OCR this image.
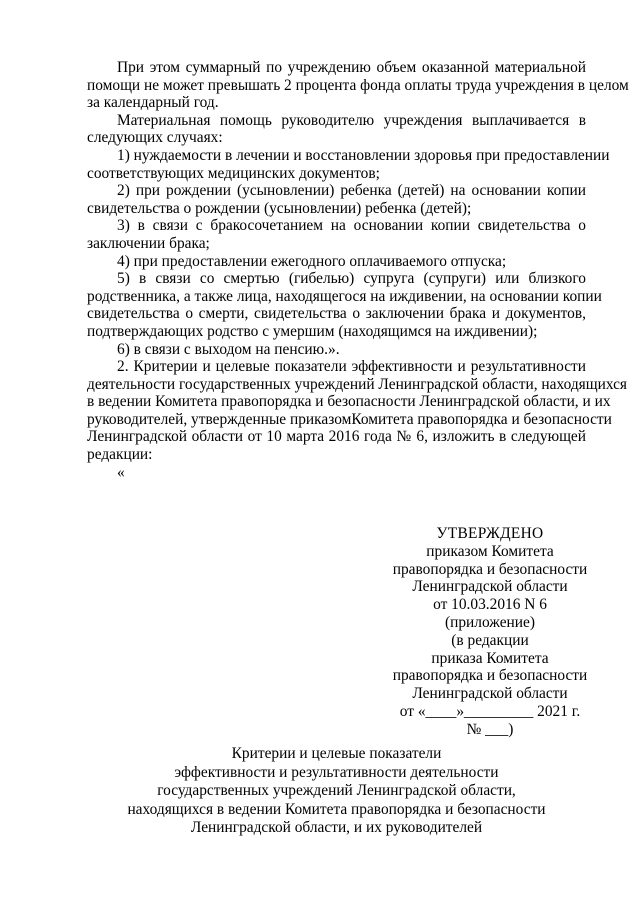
При этом суммарный по учреждению объем оказанной материальной
помощи не может превышать 2 процента фонда оплаты труда учреждения в целом
за календарный год.
Материальная помощь руководителю учреждения выплачивается в
следующих случаях:
1) нуждаемости в лечении и восстановлении здоровья при предоставлении
соответствующих медицинских документов;
2) при рождении (усыновлении) ребенка (детей) на основании копии
свидетельства о рождении (усыновлении) ребенка (детей);
3) в связи с бракосочетанием на основании копии свидетельства о
заключении брака;
4) при предоставлении ежегодного оплачиваемого отпуска;
5) в связи со смертью (гибелью) супруга (супруги) или близкого
родственника, а также лица, находящегося на иждивении, на основании копии
свидетельства о смерти, свидетельства о заключении брака и документов,
подтверждающих родство с умершим (находящимся на иждивении);
6) в связи с выходом на пенсию.».
2. Критерии и целевые показатели эффективности и результативности
деятельности государственных учреждений Ленинградской области, находящихся
в ведении Комитета правопорядка и безопасности Ленинградской области, и их
руководителей, утвержденные приказомКомитета правопорядка и безопасности
Ленинградской области от 10 марта 2016 года № 6, изложить в следующей
редакции:
«
УТВЕРЖДЕНО
приказом Комитета
правопорядка и безопасности
Ленинградской области
от 10.03.2016 N 6
(приложение)
(в редакции
приказа Комитета
правопорядка и безопасности
Ленинградской области
от «____»_________ 2021 г.
№ ___)
Критерии и целевые показатели
эффективности и результативности деятельности
государственных учреждений Ленинградской области,
находящихся в ведении Комитета правопорядка и безопасности
Ленинградской области, и их руководителей
